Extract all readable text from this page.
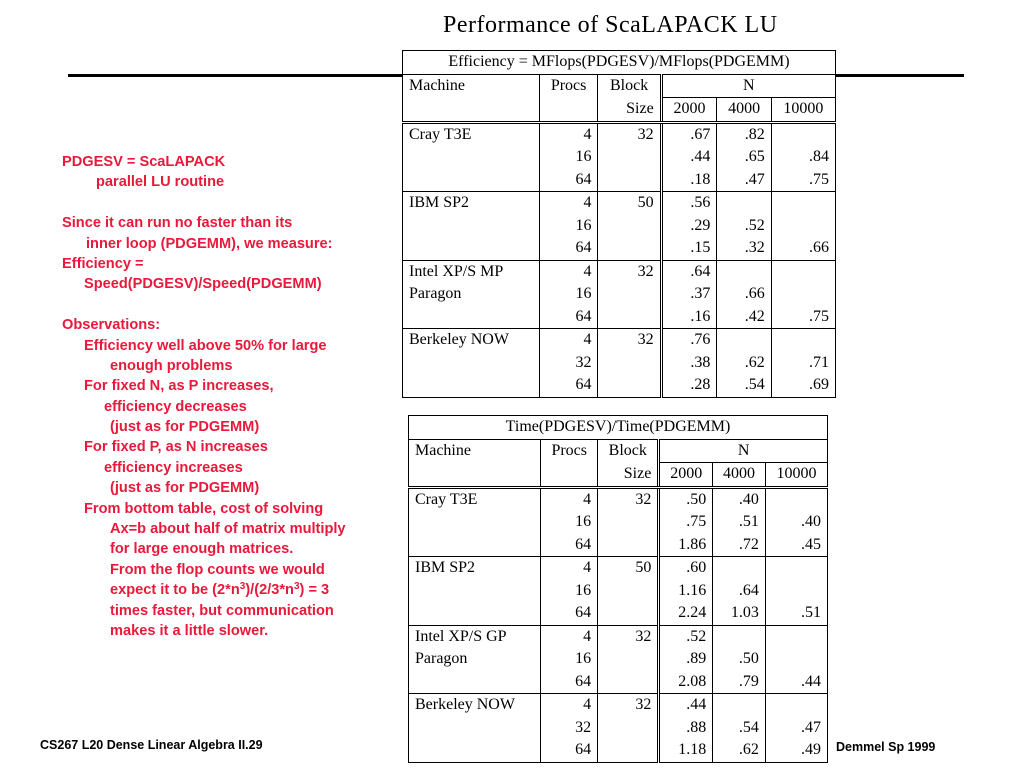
Performance of ScaLAPACK LU
PDGESV = ScaLAPACK
parallel LU routine
Since it can run no faster than its
inner loop (PDGEMM), we measure:
Efficiency =
Speed(PDGESV)/Speed(PDGEMM)
Observations:
Efficiency well above 50% for large
enough problems
For fixed N, as P increases,
efficiency decreases
(just as for PDGEMM)
For fixed P, as N increases
efficiency increases
(just as for PDGEMM)
From bottom table, cost of solving
Ax=b about half of matrix multiply
for large enough matrices.
From the flop counts we would
expect it to be $(2*n^3)/(2/3*n^3) = 3$
times faster, but communication
makes it a little slower.
Efficiency = MFlops(PDGESV)/MFlops(PDGEMM)					
Machine	Procs	Block	N		
		Size	2000	4000	10000
Cray T3E	4	32	.67	.82	
	16		.44	.65	.84
	64		.18	.47	.75
IBM SP2	4	50	.56		
	16		.29	.52	
	64		.15	.32	.66
Intel XP/S MP	4	32	.64		
Paragon	16		.37	.66	
	64		.16	.42	.75
Berkeley NOW	4	32	.76		
	32		.38	.62	.71
	64		.28	.54	.69
Time(PDGESV)/Time(PDGEMM)					
Machine	Procs	Block	N		
		Size	2000	4000	10000
Cray T3E	4	32	.50	.40	
	16		.75	.51	.40
	64		1.86	.72	.45
IBM SP2	4	50	.60		
	16		1.16	.64	
	64		2.24	1.03	.51
Intel XP/S GP	4	32	.52		
Paragon	16		.89	.50	
	64		2.08	.79	.44
Berkeley NOW	4	32	.44		
	32		.88	.54	.47
	64		1.18	.62	.49
CS267 L20 Dense Linear Algebra II.29	Demmel Sp 1999
